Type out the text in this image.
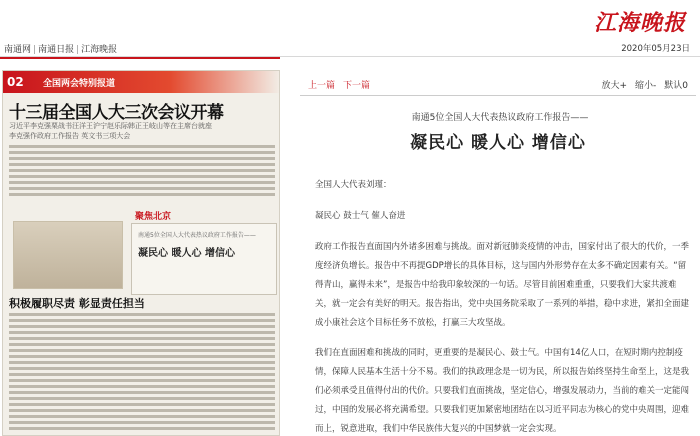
江海晚报
南通网 | 南通日报 | 江海晚报	2020年05月23日
02 全国两会特别报道
十三届全国人大三次会议开幕
习近平李克强栗战书汪洋王沪宁赵乐际韩正王岐山等在主席台就座
李克强作政府工作报告 英文书三项大会
聚焦北京
南通5位全国人大代表热议政府工作报告——
凝民心 暖人心 增信心
积极履职尽责 彰显责任担当
上一篇 下一篇	放大+ 缩小- 默认0
南通5位全国人大代表热议政府工作报告——
凝民心 暖人心 增信心

全国人大代表刘瑾：

凝民心 鼓士气 催人奋进

政府工作报告直面国内外诸多困难与挑战。面对新冠肺炎疫情的冲击，国家付出了很大的代价，一季度经济负增长。报告中不再提GDP增长的具体目标，这与国内外形势存在太多不确定因素有关。“留得青山，赢得未来”，是报告中给我印象较深的一句话。尽管目前困难重重，只要我们大家共渡难关，就一定会有美好的明天。报告指出，党中央国务院采取了一系列的举措，稳中求进，紧扣全面建成小康社会这个目标任务不放松，打赢三大攻坚战。

我们在直面困难和挑战的同时，更重要的是凝民心、鼓士气。中国有14亿人口，在短时期内控制疫情，保障人民基本生活十分不易。我们的执政理念是一切为民，所以报告始终坚持生命至上，这是我们必须承受且值得付出的代价。只要我们直面挑战，坚定信心，增强发展动力，当前的难关一定能闯过，中国的发展必将充满希望。只要我们更加紧密地团结在以习近平同志为核心的党中央周围，迎难而上，锐意进取，我们中华民族伟大复兴的中国梦就一定会实现。
